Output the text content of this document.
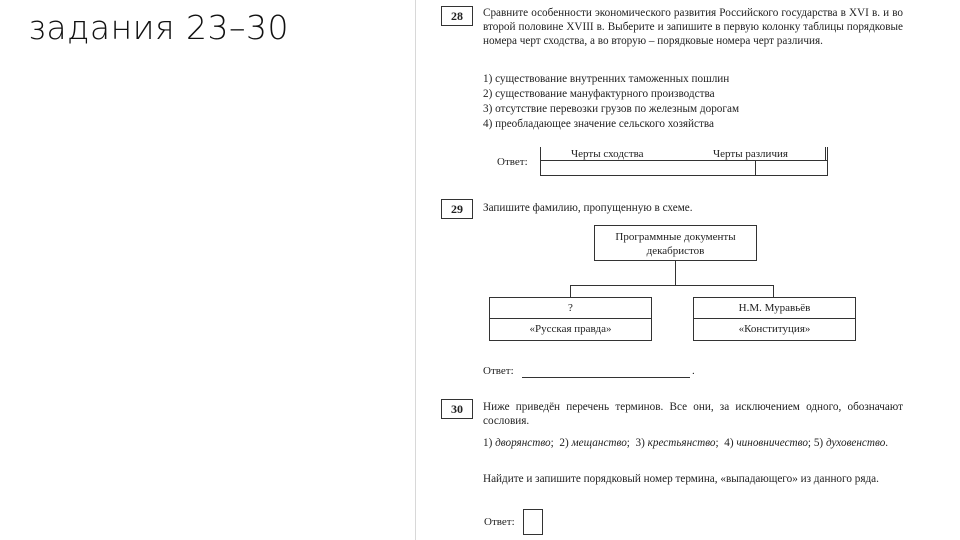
задания 23–30	28	Сравните особенности экономического развития Российского государства в XVI в. и во второй половине XVIII в. Выберите и запишите в первую колонку таблицы порядковые номера черт сходства, а во вторую – порядковые номера черт различия.
1) существование внутренних таможенных пошлин
2) существование мануфактурного производства
3) отсутствие перевозки грузов по железным дорогам
4) преобладающее значение сельского хозяйства
Ответ:
Черты сходства	Черты различия
29	Запишите фамилию, пропущенную в схеме.
Программные документы декабристов
?
«Русская правда»
Н.М. Муравьёв
«Конституция»
Ответ:	.
30	Ниже приведён перечень терминов. Все они, за исключением одного, обозначают сословия.
1) дворянство; 2) мещанство; 3) крестьянство; 4) чиновничество; 5) духовенство.
Найдите и запишите порядковый номер термина, «выпадающего» из данного ряда.
Ответ:
